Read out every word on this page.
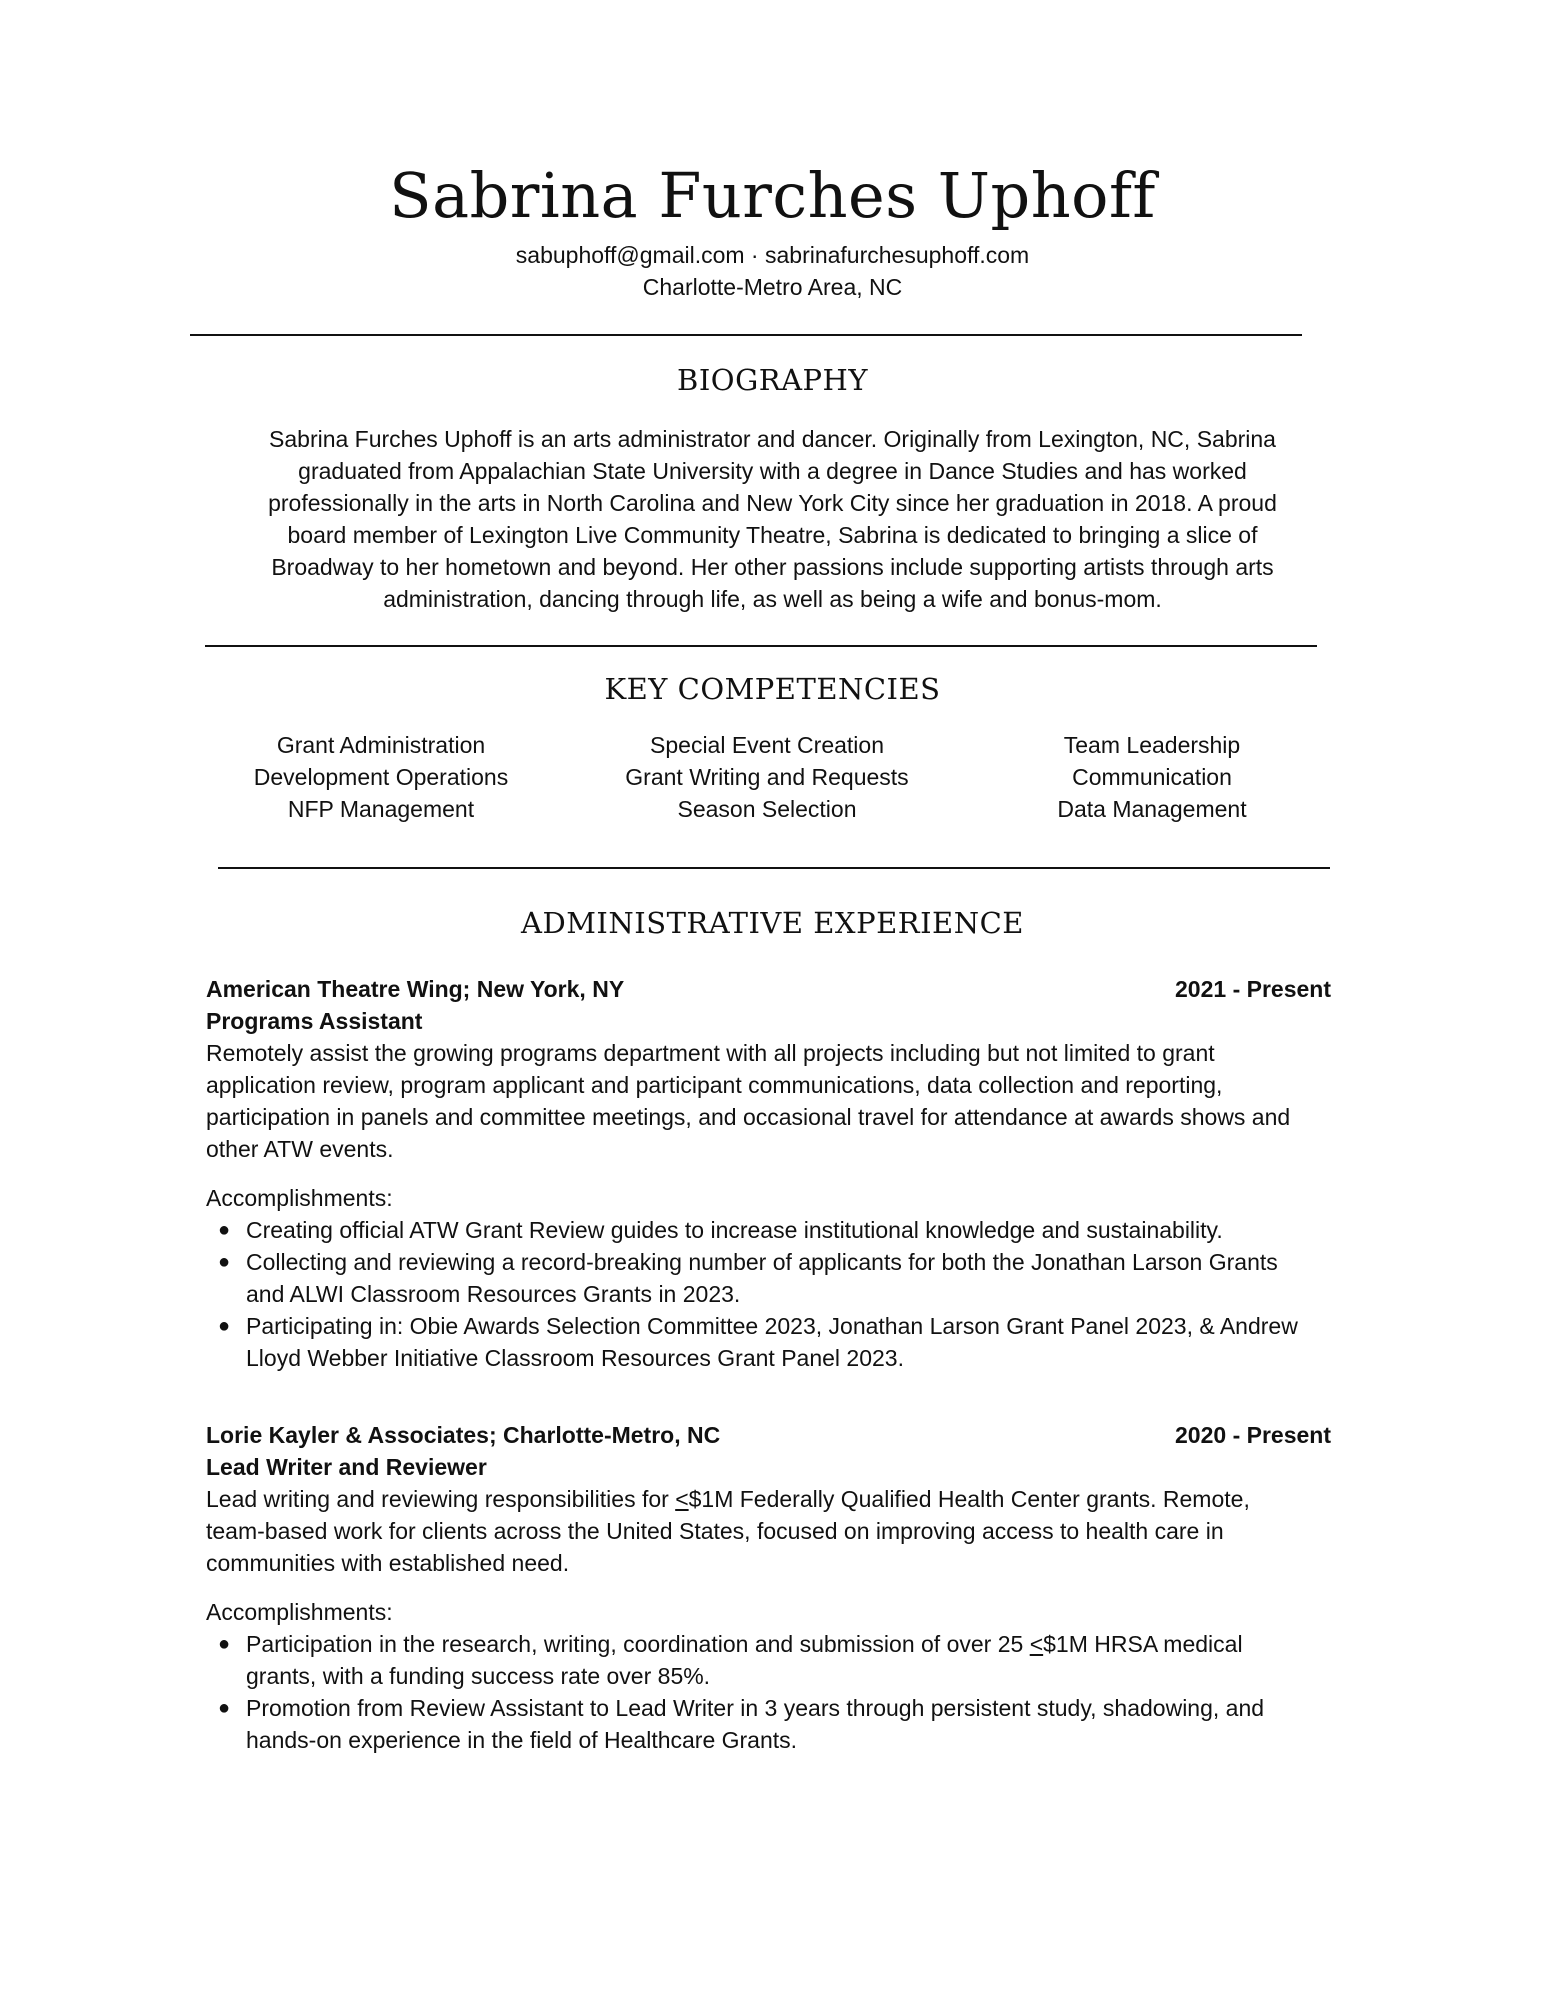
Sabrina Furches Uphoff
sabuphoff@gmail.com · sabrinafurchesuphoff.com
Charlotte-Metro Area, NC
BIOGRAPHY
Sabrina Furches Uphoff is an arts administrator and dancer. Originally from Lexington, NC, Sabrina
graduated from Appalachian State University with a degree in Dance Studies and has worked
professionally in the arts in North Carolina and New York City since her graduation in 2018. A proud
board member of Lexington Live Community Theatre, Sabrina is dedicated to bringing a slice of
Broadway to her hometown and beyond. Her other passions include supporting artists through arts
administration, dancing through life, as well as being a wife and bonus-mom.
KEY COMPETENCIES
Grant Administration
Development Operations
NFP Management
Special Event Creation
Grant Writing and Requests
Season Selection
Team Leadership
Communication
Data Management
ADMINISTRATIVE EXPERIENCE
American Theatre Wing; New York, NY	2021 - Present
Programs Assistant
Remotely assist the growing programs department with all projects including but not limited to grant
application review, program applicant and participant communications, data collection and reporting,
participation in panels and committee meetings, and occasional travel for attendance at awards shows and
other ATW events.
Accomplishments:
● Creating official ATW Grant Review guides to increase institutional knowledge and sustainability.
● Collecting and reviewing a record-breaking number of applicants for both the Jonathan Larson Grants
and ALWI Classroom Resources Grants in 2023.
● Participating in: Obie Awards Selection Committee 2023, Jonathan Larson Grant Panel 2023, & Andrew
Lloyd Webber Initiative Classroom Resources Grant Panel 2023.
Lorie Kayler & Associates; Charlotte-Metro, NC	2020 - Present
Lead Writer and Reviewer
Lead writing and reviewing responsibilities for <$1M Federally Qualified Health Center grants. Remote,
team-based work for clients across the United States, focused on improving access to health care in
communities with established need.
Accomplishments:
● Participation in the research, writing, coordination and submission of over 25 <$1M HRSA medical
grants, with a funding success rate over 85%.
● Promotion from Review Assistant to Lead Writer in 3 years through persistent study, shadowing, and
hands-on experience in the field of Healthcare Grants.
